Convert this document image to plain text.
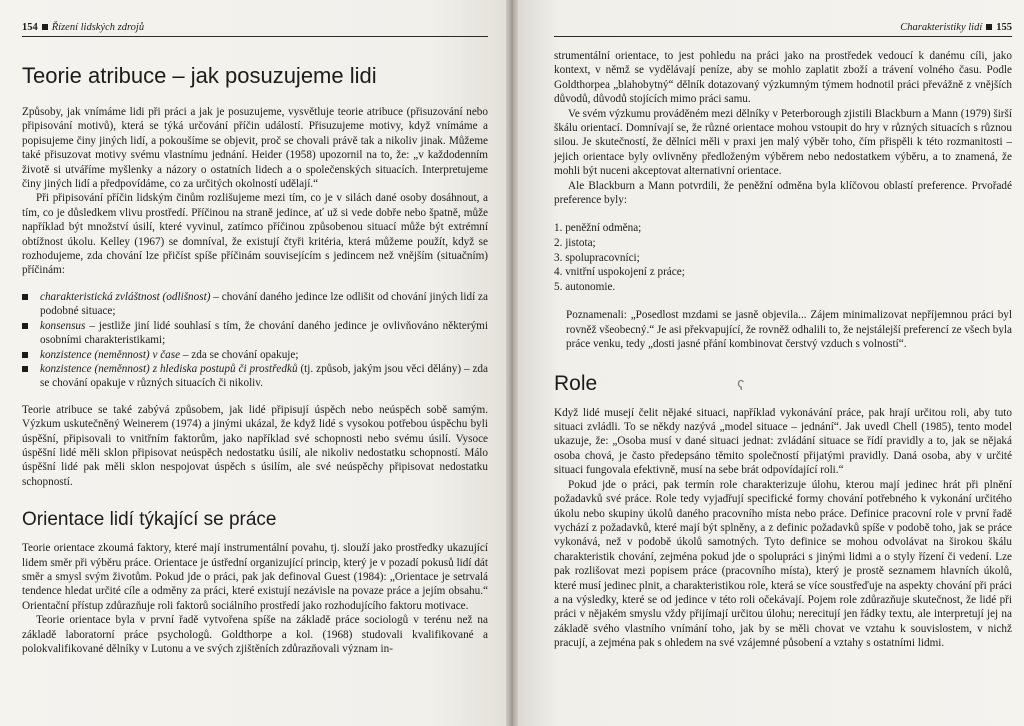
154 Řízení lidských zdrojů
Teorie atribuce – jak posuzujeme lidi

Způsoby, jak vnímáme lidi při práci a jak je posuzujeme, vysvětluje teorie atribuce (přisuzování nebo připisování motivů), která se týká určování příčin událostí. Přisuzujeme motivy, když vnímáme a popisujeme činy jiných lidí, a pokoušíme se objevit, proč se chovali právě tak a nikoliv jinak. Můžeme také přisuzovat motivy svému vlastnímu jednání. Heider (1958) upozornil na to, že: „v každodenním životě si utváříme myšlenky a názory o ostatních lidech a o společenských situacích. Interpretujeme činy jiných lidí a předpovídáme, co za určitých okolností udělají.“

Při připisování příčin lidským činům rozlišujeme mezi tím, co je v silách dané osoby dosáhnout, a tím, co je důsledkem vlivu prostředí. Příčinou na straně jedince, ať už si vede dobře nebo špatně, může například být množství úsilí, které vyvinul, zatímco příčinou způsobenou situací může být extrémní obtížnost úkolu. Kelley (1967) se domníval, že existují čtyři kritéria, která můžeme použít, když se rozhodujeme, zda chování lze přičíst spíše příčinám souvisejícím s jedincem než vnějším (situačním) příčinám:

charakteristická zvláštnost (odlišnost) – chování daného jedince lze odlišit od chování jiných lidí za podobné situace;
konsensus – jestliže jiní lidé souhlasí s tím, že chování daného jedince je ovlivňováno některými osobními charakteristikami;
konzistence (neměnnost) v čase – zda se chování opakuje;
konzistence (neměnnost) z hlediska postupů či prostředků (tj. způsob, jakým jsou věci dělány) – zda se chování opakuje v různých situacích či nikoliv.

Teorie atribuce se také zabývá způsobem, jak lidé připisují úspěch nebo neúspěch sobě samým. Výzkum uskutečněný Weinerem (1974) a jinými ukázal, že když lidé s vysokou potřebou úspěchu byli úspěšní, připisovali to vnitřním faktorům, jako například své schopnosti nebo svému úsilí. Vysoce úspěšní lidé měli sklon připisovat neúspěch nedostatku úsilí, ale nikoliv nedostatku schopností. Málo úspěšní lidé pak měli sklon nespojovat úspěch s úsilím, ale své neúspěchy připisovat nedostatku schopností.

Orientace lidí týkající se práce

Teorie orientace zkoumá faktory, které mají instrumentální povahu, tj. slouží jako prostředky ukazující lidem směr při výběru práce. Orientace je ústřední organizující princip, který je v pozadí pokusů lidí dát směr a smysl svým životům. Pokud jde o práci, pak jak definoval Guest (1984): „Orientace je setrvalá tendence hledat určité cíle a odměny za práci, které existují nezávisle na povaze práce a jejím obsahu.“ Orientační přístup zdůrazňuje roli faktorů sociálního prostředí jako rozhodujícího faktoru motivace.

Teorie orientace byla v první řadě vytvořena spíše na základě práce sociologů v terénu než na základě laboratorní práce psychologů. Goldthorpe a kol. (1968) studovali kvalifikované a polokvalifikované dělníky v Lutonu a ve svých zjištěních zdůrazňovali význam in-

Charakteristiky lidí 155

strumentální orientace, to jest pohledu na práci jako na prostředek vedoucí k danému cíli, jako kontext, v němž se vydělávají peníze, aby se mohlo zaplatit zboží a trávení volného času. Podle Goldthorpea „blahobytný“ dělník dotazovaný výzkumným týmem hodnotil práci převážně z vnějších důvodů, důvodů stojících mimo práci samu.

Ve svém výzkumu prováděném mezi dělníky v Peterborough zjistili Blackburn a Mann (1979) širší škálu orientací. Domnívají se, že různé orientace mohou vstoupit do hry v různých situacích s různou silou. Je skutečností, že dělníci měli v praxi jen malý výběr toho, čím přispěli k této rozmanitosti – jejich orientace byly ovlivněny předloženým výběrem nebo nedostatkem výběru, a to znamená, že mohli být nuceni akceptovat alternativní orientace.

Ale Blackburn a Mann potvrdili, že peněžní odměna byla klíčovou oblastí preference. Prvořadé preference byly:

1. peněžní odměna;
2. jistota;
3. spolupracovníci;
4. vnitřní uspokojení z práce;
5. autonomie.

Poznamenali: „Posedlost mzdami se jasně objevila... Zájem minimalizovat nepříjemnou práci byl rovněž všeobecný.“ Je asi překvapující, že rovněž odhalili to, že nejstálejší preferencí ze všech byla práce venku, tedy „dosti jasné přání kombinovat čerstvý vzduch s volností“.

Role	ʕ

Když lidé musejí čelit nějaké situaci, například vykonávání práce, pak hrají určitou roli, aby tuto situaci zvládli. To se někdy nazývá „model situace – jednání“. Jak uvedl Chell (1985), tento model ukazuje, že: „Osoba musí v dané situaci jednat: zvládání situace se řídí pravidly a to, jak se nějaká osoba chová, je často předepsáno těmito společností přijatými pravidly. Daná osoba, aby v určité situaci fungovala efektivně, musí na sebe brát odpovídající roli.“

Pokud jde o práci, pak termín role charakterizuje úlohu, kterou mají jedinec hrát při plnění požadavků své práce. Role tedy vyjadřují specifické formy chování potřebného k vykonání určitého úkolu nebo skupiny úkolů daného pracovního místa nebo práce. Definice pracovní role v první řadě vychází z požadavků, které mají být splněny, a z definic požadavků spíše v podobě toho, jak se práce vykonává, než v podobě úkolů samotných. Tyto definice se mohou odvolávat na širokou škálu charakteristik chování, zejména pokud jde o spolupráci s jinými lidmi a o styly řízení či vedení. Lze pak rozlišovat mezi popisem práce (pracovního místa), který je prostě seznamem hlavních úkolů, které musí jedinec plnit, a charakteristikou role, která se více soustřeďuje na aspekty chování při práci a na výsledky, které se od jedince v této roli očekávají. Pojem role zdůrazňuje skutečnost, že lidé při práci v nějakém smyslu vždy přijímají určitou úlohu; nerecitují jen řádky textu, ale interpretují jej na základě svého vlastního vnímání toho, jak by se měli chovat ve vztahu k souvislostem, v nichž pracují, a zejména pak s ohledem na své vzájemné působení a vztahy s ostatními lidmi.
